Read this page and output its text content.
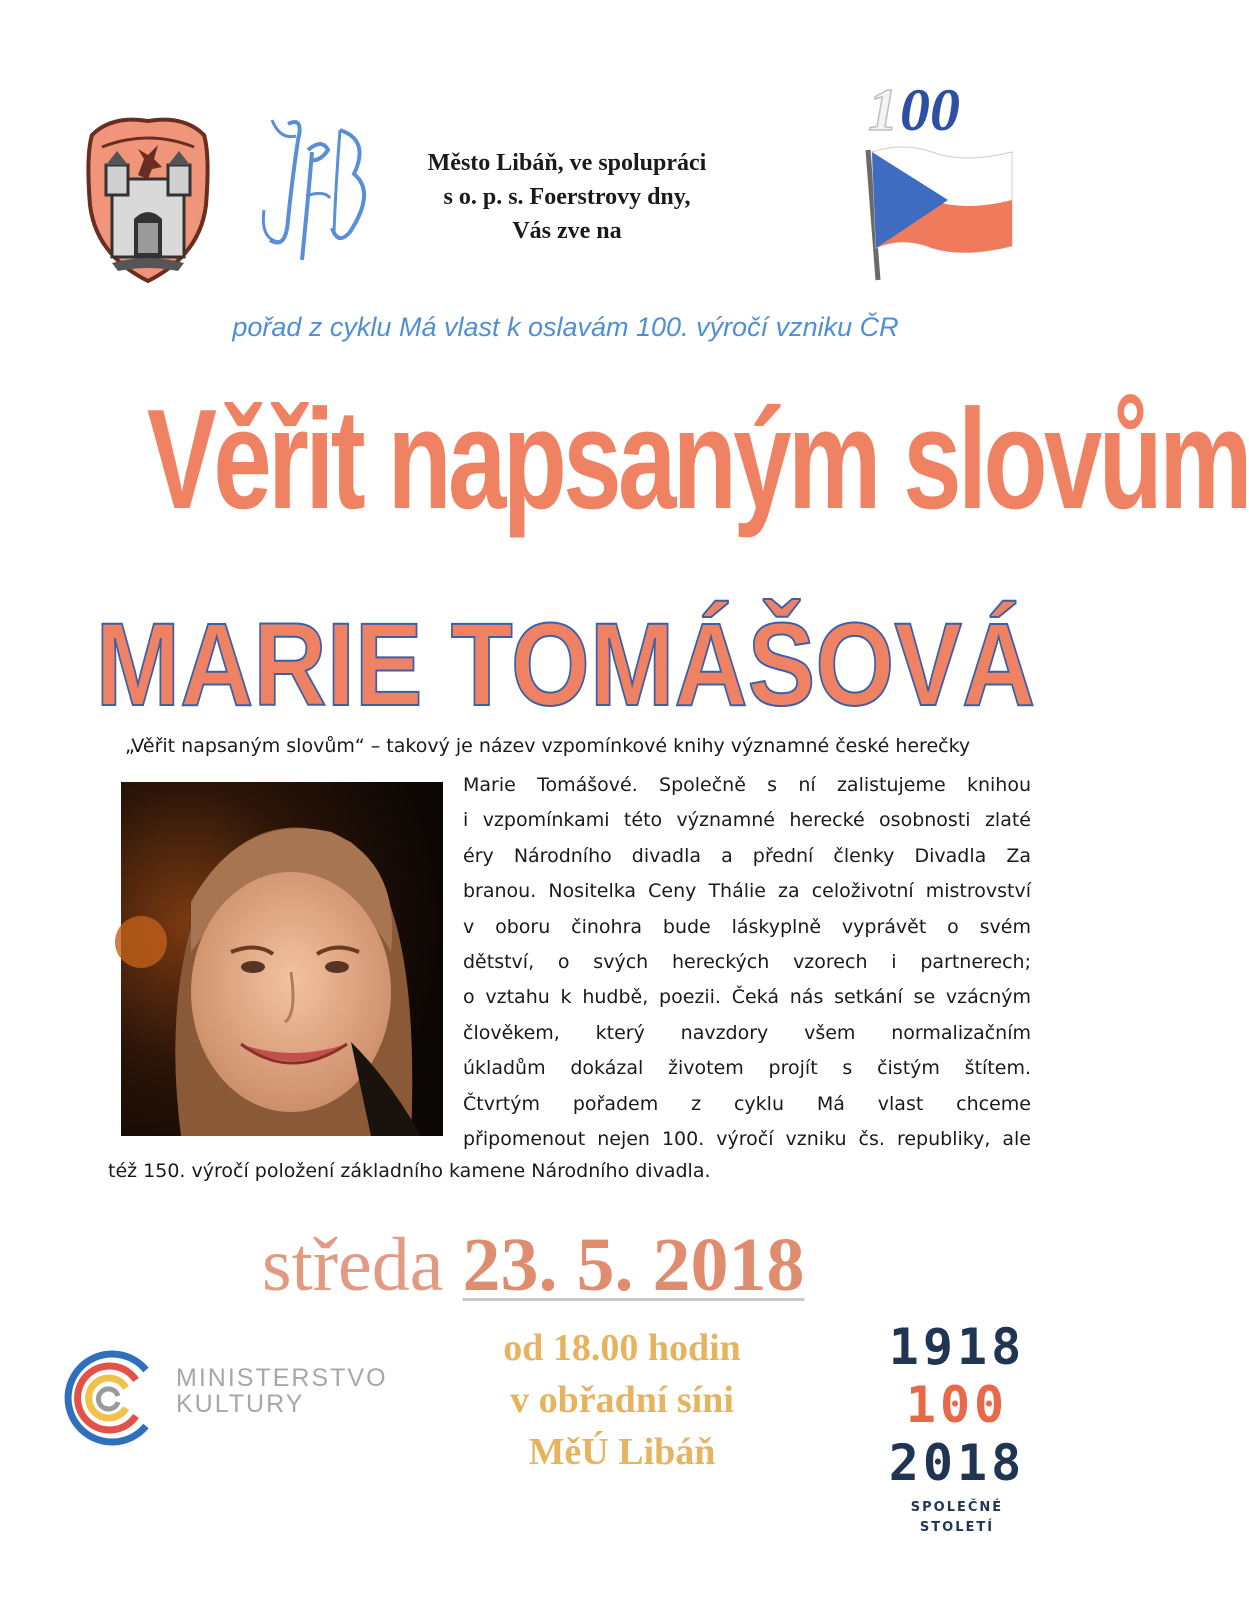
Město Libáň, ve spolupráci
s o. p. s. Foerstrovy dny,
Vás zve na
1 00
pořad z cyklu Má vlast k oslavám 100. výročí vzniku ČR
Věřit napsaným slovům
MARIE TOMÁŠOVÁ
„Věřit napsaným slovům“ – takový je název vzpomínkové knihy významné české herečky
Marie Tomášové. Společně s ní zalistujeme knihou
i vzpomínkami této významné herecké osobnosti zlaté
éry Národního divadla a přední členky Divadla Za
branou. Nositelka Ceny Thálie za celoživotní mistrovství
v oboru činohra bude láskyplně vyprávět o svém
dětství, o svých hereckých vzorech i partnerech;
o vztahu k hudbě, poezii. Čeká nás setkání se vzácným
člověkem, který navzdory všem normalizačním
úkladům dokázal životem projít s čistým štítem.
Čtvrtým pořadem z cyklu Má vlast chceme
připomenout nejen 100. výročí vzniku čs. republiky, ale
též 150. výročí položení základního kamene Národního divadla.
středa 23. 5. 2018
MINISTERSTVO
KULTURY
od 18.00 hodin
v obřadní síni
MěÚ Libáň
1918
100
2018
SPOLEČNÉ STOLETÍ
